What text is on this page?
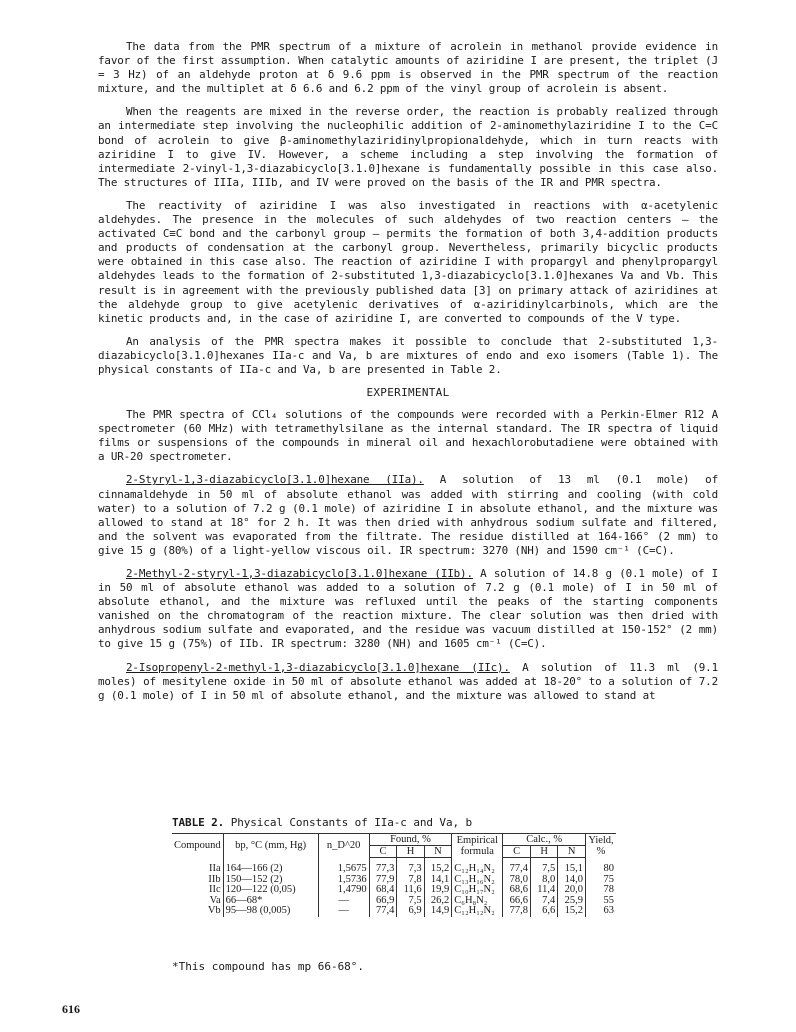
The data from the PMR spectrum of a mixture of acrolein in methanol provide evidence in favor of the first assumption. When catalytic amounts of aziridine I are present, the triplet (J = 3 Hz) of an aldehyde proton at δ 9.6 ppm is observed in the PMR spectrum of the reaction mixture, and the multiplet at δ 6.6 and 6.2 ppm of the vinyl group of acrolein is absent.

When the reagents are mixed in the reverse order, the reaction is probably realized through an intermediate step involving the nucleophilic addition of 2-aminomethylaziridine I to the C=C bond of acrolein to give β-aminomethylaziridinylpropionaldehyde, which in turn reacts with aziridine I to give IV. However, a scheme including a step involving the formation of intermediate 2-vinyl-1,3-diazabicyclo[3.1.0]hexane is fundamentally possible in this case also. The structures of IIIa, IIIb, and IV were proved on the basis of the IR and PMR spectra.

The reactivity of aziridine I was also investigated in reactions with α-acetylenic aldehydes. The presence in the molecules of such aldehydes of two reaction centers — the activated C≡C bond and the carbonyl group — permits the formation of both 3,4-addition products and products of condensation at the carbonyl group. Nevertheless, primarily bicyclic products were obtained in this case also. The reaction of aziridine I with propargyl and phenylpropargyl aldehydes leads to the formation of 2-substituted 1,3-diazabicyclo[3.1.0]hexanes Va and Vb. This result is in agreement with the previously published data [3] on primary attack of aziridines at the aldehyde group to give acetylenic derivatives of α-aziridinylcarbinols, which are the kinetic products and, in the case of aziridine I, are converted to compounds of the V type.

An analysis of the PMR spectra makes it possible to conclude that 2-substituted 1,3-diazabicyclo[3.1.0]hexanes IIa-c and Va, b are mixtures of endo and exo isomers (Table 1). The physical constants of IIa-c and Va, b are presented in Table 2.

EXPERIMENTAL

The PMR spectra of CCl₄ solutions of the compounds were recorded with a Perkin-Elmer R12 A spectrometer (60 MHz) with tetramethylsilane as the internal standard. The IR spectra of liquid films or suspensions of the compounds in mineral oil and hexachlorobutadiene were obtained with a UR-20 spectrometer.

2-Styryl-1,3-diazabicyclo[3.1.0]hexane (IIa). A solution of 13 ml (0.1 mole) of cinnamaldehyde in 50 ml of absolute ethanol was added with stirring and cooling (with cold water) to a solution of 7.2 g (0.1 mole) of aziridine I in absolute ethanol, and the mixture was allowed to stand at 18° for 2 h. It was then dried with anhydrous sodium sulfate and filtered, and the solvent was evaporated from the filtrate. The residue distilled at 164-166° (2 mm) to give 15 g (80%) of a light-yellow viscous oil. IR spectrum: 3270 (NH) and 1590 cm⁻¹ (C=C).

2-Methyl-2-styryl-1,3-diazabicyclo[3.1.0]hexane (IIb). A solution of 14.8 g (0.1 mole) of I in 50 ml of absolute ethanol was added to a solution of 7.2 g (0.1 mole) of I in 50 ml of absolute ethanol, and the mixture was refluxed until the peaks of the starting components vanished on the chromatogram of the reaction mixture. The clear solution was then dried with anhydrous sodium sulfate and evaporated, and the residue was vacuum distilled at 150-152° (2 mm) to give 15 g (75%) of IIb. IR spectrum: 3280 (NH) and 1605 cm⁻¹ (C=C).

2-Isopropenyl-2-methyl-1,3-diazabicyclo[3.1.0]hexane (IIc). A solution of 11.3 ml (9.1 moles) of mesitylene oxide in 50 ml of absolute ethanol was added at 18-20° to a solution of 7.2 g (0.1 mole) of I in 50 ml of absolute ethanol, and the mixture was allowed to stand at

TABLE 2. Physical Constants of IIa-c and Va, b
Compound	bp, °C (mm, Hg)	n_D^20	Found, %			Empirical formula	Calc., %			Yield, %
			C	H	N		C	H	N	

IIa	164—166 (2)	1,5675	77,3	7,3	15,2	C₁₂H₁₄N₂	77,4	7,5	15,1	80
IIb	150—152 (2)	1,5736	77,9	7,8	14,1	C₁₃H₁₆N₂	78,0	8,0	14,0	75
IIc	120—122 (0,05)	1,4790	68,4	11,6	19,9	C₁₀H₁₇N₂	68,6	11,4	20,0	78
Va	66—68*	—	66,9	7,5	26,2	C₆H₈N₂	66,6	7,4	25,9	55
Vb	95—98 (0,005)	—	77,4	6,9	14,9	C₁₂H₁₂N₂	77,8	6,6	15,2	63
*This compound has mp 66-68°.
616
